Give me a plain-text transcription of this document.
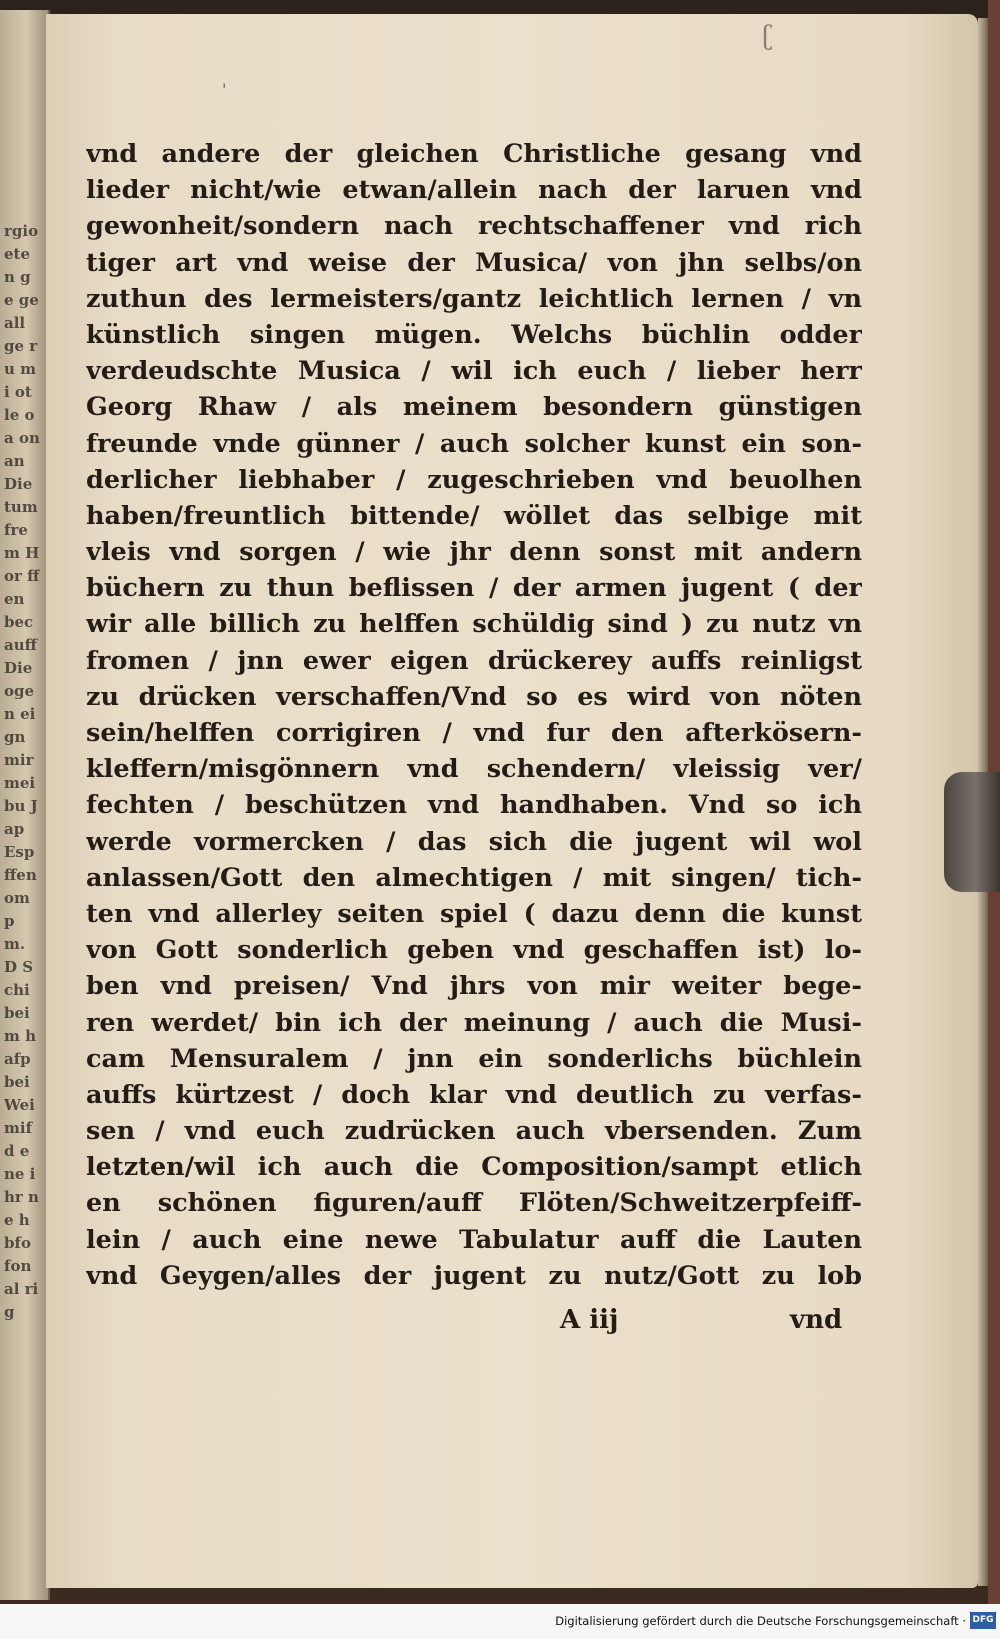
rgio eten ge ge all ge ru mi ot le oa on an Die tum frem Hor ffen bec auff Die ogen eign mir mei bu Jap Esp ffen omp m. D Schi beim hafp bei Wei mifd ene ihr ne h bfo fon al rig
ʗ
'
vnd andere der gleichen Christliche gesang vnd
lieder nicht/wie etwan/allein nach der laruen vnd
gewonheit/sondern nach rechtschaffener vnd rich
tiger art vnd weise der Musica/ von jhn selbs/on
zuthun des lermeisters/gantz leichtlich lernen / vn
künstlich singen mügen. Welchs büchlin odder
verdeudschte Musica / wil ich euch / lieber herr
Georg Rhaw / als meinem besondern günstigen
freunde vnde günner / auch solcher kunst ein son-
derlicher liebhaber / zugeschrieben vnd beuolhen
haben/freuntlich bittende/ wöllet das selbige mit
vleis vnd sorgen / wie jhr denn sonst mit andern
büchern zu thun beflissen / der armen jugent ( der
wir alle billich zu helffen schüldig sind ) zu nutz vn
fromen / jnn ewer eigen drückerey auffs reinligst
zu drücken verschaffen/Vnd so es wird von nöten
sein/helffen corrigiren / vnd fur den afterkösern-
kleffern/misgönnern vnd schendern/ vleissig ver/
fechten / beschützen vnd handhaben. Vnd so ich
werde vormercken / das sich die jugent wil wol
anlassen/Gott den almechtigen / mit singen/ tich-
ten vnd allerley seiten spiel ( dazu denn die kunst
von Gott sonderlich geben vnd geschaffen ist) lo-
ben vnd preisen/ Vnd jhrs von mir weiter bege-
ren werdet/ bin ich der meinung / auch die Musi-
cam Mensuralem / jnn ein sonderlichs büchlein
auffs kürtzest / doch klar vnd deutlich zu verfas-
sen / vnd euch zudrücken auch vbersenden. Zum
letzten/wil ich auch die Composition/sampt etlich
en schönen figuren/auff Flöten/Schweitzerpfeiff-
lein / auch eine newe Tabulatur auff die Lauten
vnd Geygen/alles der jugent zu nutz/Gott zu lob
A iij	vnd
Digitalisierung gefördert durch die Deutsche Forschungsgemeinschaft · DFG
